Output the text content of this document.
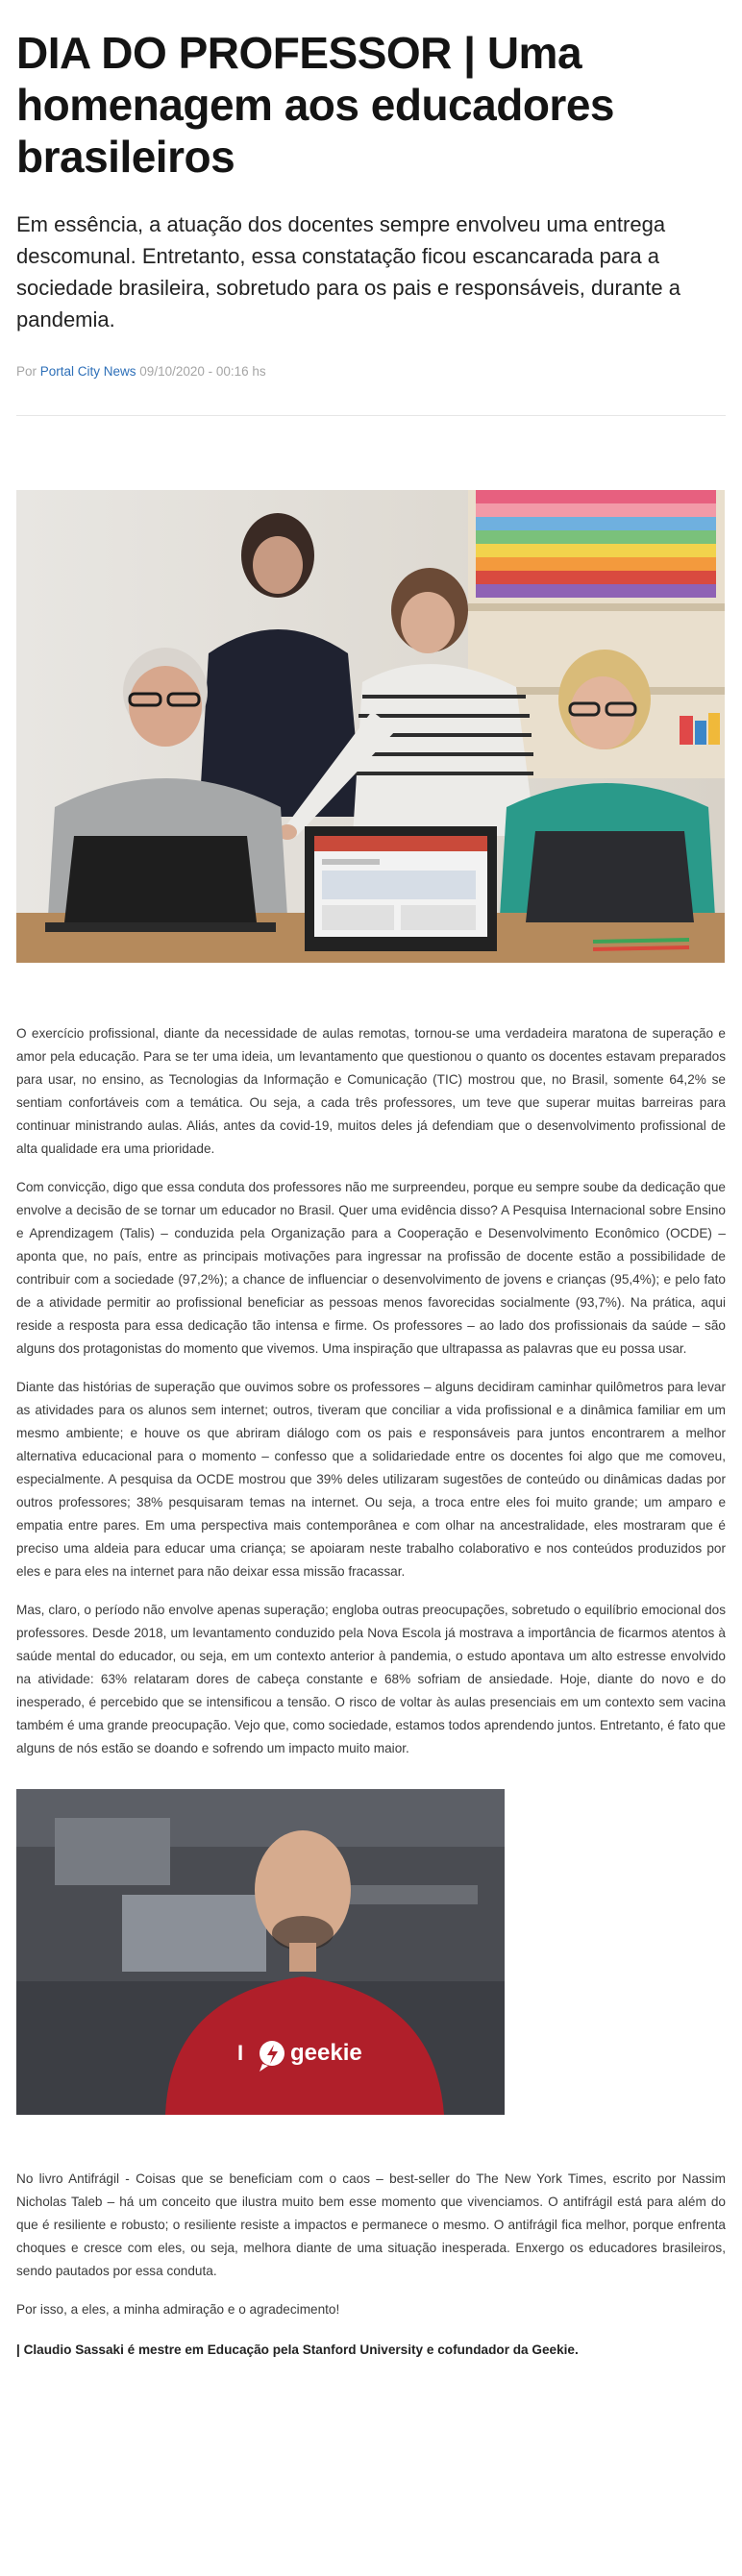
DIA DO PROFESSOR | Uma homenagem aos educadores brasileiros

Em essência, a atuação dos docentes sempre envolveu uma entrega descomunal. Entretanto, essa constatação ficou escancarada para a sociedade brasileira, sobretudo para os pais e responsáveis, durante a pandemia.

Por Portal City News 09/10/2020 - 00:16 hs

O exercício profissional, diante da necessidade de aulas remotas, tornou-se uma verdadeira maratona de superação e amor pela educação. Para se ter uma ideia, um levantamento que questionou o quanto os docentes estavam preparados para usar, no ensino, as Tecnologias da Informação e Comunicação (TIC) mostrou que, no Brasil, somente 64,2% se sentiam confortáveis com a temática. Ou seja, a cada três professores, um teve que superar muitas barreiras para continuar ministrando aulas. Aliás, antes da covid-19, muitos deles já defendiam que o desenvolvimento profissional de alta qualidade era uma prioridade.

Com convicção, digo que essa conduta dos professores não me surpreendeu, porque eu sempre soube da dedicação que envolve a decisão de se tornar um educador no Brasil. Quer uma evidência disso? A Pesquisa Internacional sobre Ensino e Aprendizagem (Talis) – conduzida pela Organização para a Cooperação e Desenvolvimento Econômico (OCDE) – aponta que, no país, entre as principais motivações para ingressar na profissão de docente estão a possibilidade de contribuir com a sociedade (97,2%); a chance de influenciar o desenvolvimento de jovens e crianças (95,4%); e pelo fato de a atividade permitir ao profissional beneficiar as pessoas menos favorecidas socialmente (93,7%). Na prática, aqui reside a resposta para essa dedicação tão intensa e firme. Os professores – ao lado dos profissionais da saúde – são alguns dos protagonistas do momento que vivemos. Uma inspiração que ultrapassa as palavras que eu possa usar.

Diante das histórias de superação que ouvimos sobre os professores – alguns decidiram caminhar quilômetros para levar as atividades para os alunos sem internet; outros, tiveram que conciliar a vida profissional e a dinâmica familiar em um mesmo ambiente; e houve os que abriram diálogo com os pais e responsáveis para juntos encontrarem a melhor alternativa educacional para o momento – confesso que a solidariedade entre os docentes foi algo que me comoveu, especialmente. A pesquisa da OCDE mostrou que 39% deles utilizaram sugestões de conteúdo ou dinâmicas dadas por outros professores; 38% pesquisaram temas na internet. Ou seja, a troca entre eles foi muito grande; um amparo e empatia entre pares. Em uma perspectiva mais contemporânea e com olhar na ancestralidade, eles mostraram que é preciso uma aldeia para educar uma criança; se apoiaram neste trabalho colaborativo e nos conteúdos produzidos por eles e para eles na internet para não deixar essa missão fracassar.

Mas, claro, o período não envolve apenas superação; engloba outras preocupações, sobretudo o equilíbrio emocional dos professores. Desde 2018, um levantamento conduzido pela Nova Escola já mostrava a importância de ficarmos atentos à saúde mental do educador, ou seja, em um contexto anterior à pandemia, o estudo apontava um alto estresse envolvido na atividade: 63% relataram dores de cabeça constante e 68% sofriam de ansiedade. Hoje, diante do novo e do inesperado, é percebido que se intensificou a tensão. O risco de voltar às aulas presenciais em um contexto sem vacina também é uma grande preocupação. Vejo que, como sociedade, estamos todos aprendendo juntos. Entretanto, é fato que alguns de nós estão se doando e sofrendo um impacto muito maior.

I geekie

No livro Antifrágil - Coisas que se beneficiam com o caos – best-seller do The New York Times, escrito por Nassim Nicholas Taleb – há um conceito que ilustra muito bem esse momento que vivenciamos. O antifrágil está para além do que é resiliente e robusto; o resiliente resiste a impactos e permanece o mesmo. O antifrágil fica melhor, porque enfrenta choques e cresce com eles, ou seja, melhora diante de uma situação inesperada. Enxergo os educadores brasileiros, sendo pautados por essa conduta.

Por isso, a eles, a minha admiração e o agradecimento!

| Claudio Sassaki é mestre em Educação pela Stanford University e cofundador da Geekie.
